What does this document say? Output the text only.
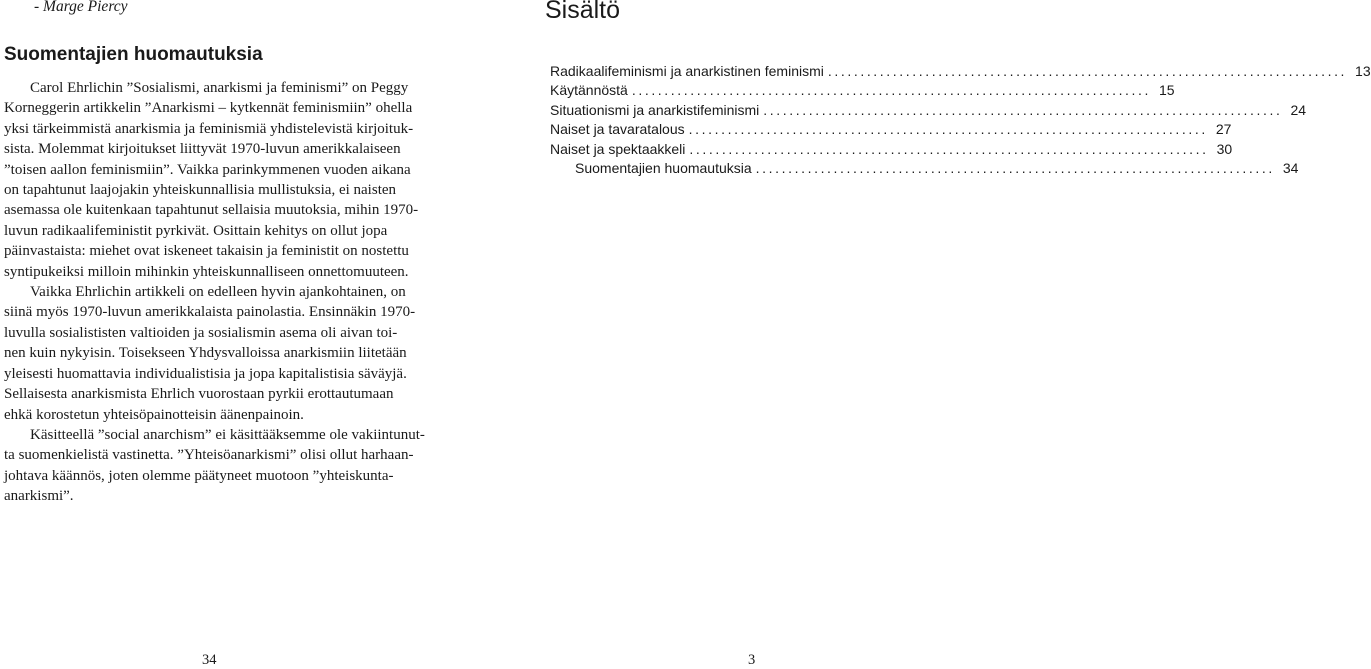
- Marge Piercy
Suomentajien huomautuksia
Carol Ehrlichin ”Sosialismi, anarkismi ja feminismi” on Peggy
Korneggerin artikkelin ”Anarkismi – kytkennät feminismiin” ohella
yksi tärkeimmistä anarkismia ja feminismiä yhdistelevistä kirjoituk-
sista. Molemmat kirjoitukset liittyvät 1970-luvun amerikkalaiseen
”toisen aallon feminismiin”. Vaikka parinkymmenen vuoden aikana
on tapahtunut laajojakin yhteiskunnallisia mullistuksia, ei naisten
asemassa ole kuitenkaan tapahtunut sellaisia muutoksia, mihin 1970-
luvun radikaalifeministit pyrkivät. Osittain kehitys on ollut jopa
päinvastaista: miehet ovat iskeneet takaisin ja feministit on nostettu
syntipukeiksi milloin mihinkin yhteiskunnalliseen onnettomuuteen.
Vaikka Ehrlichin artikkeli on edelleen hyvin ajankohtainen, on
siinä myös 1970-luvun amerikkalaista painolastia. Ensinnäkin 1970-
luvulla sosialististen valtioiden ja sosialismin asema oli aivan toi-
nen kuin nykyisin. Toisekseen Yhdysvalloissa anarkismiin liitetään
yleisesti huomattavia individualistisia ja jopa kapitalistisia säväyjä.
Sellaisesta anarkismista Ehrlich vuorostaan pyrkii erottautumaan
ehkä korostetun yhteisöpainotteisin äänenpainoin.
Käsitteellä ”social anarchism” ei käsittääksemme ole vakiintunut-
ta suomenkielistä vastinetta. ”Yhteisöanarkismi” olisi ollut harhaan-
johtava käännös, joten olemme päätyneet muotoon ”yhteiskunta-
anarkismi”.
34
Sisältö
Radikaalifeminismi ja anarkistinen feminismi ................................................................................ 13
Käytännöstä ................................................................................ 15
Situationismi ja anarkistifeminismi ................................................................................ 24
Naiset ja tavaratalous ................................................................................ 27
Naiset ja spektaakkeli ................................................................................ 30
Suomentajien huomautuksia ................................................................................ 34
3
